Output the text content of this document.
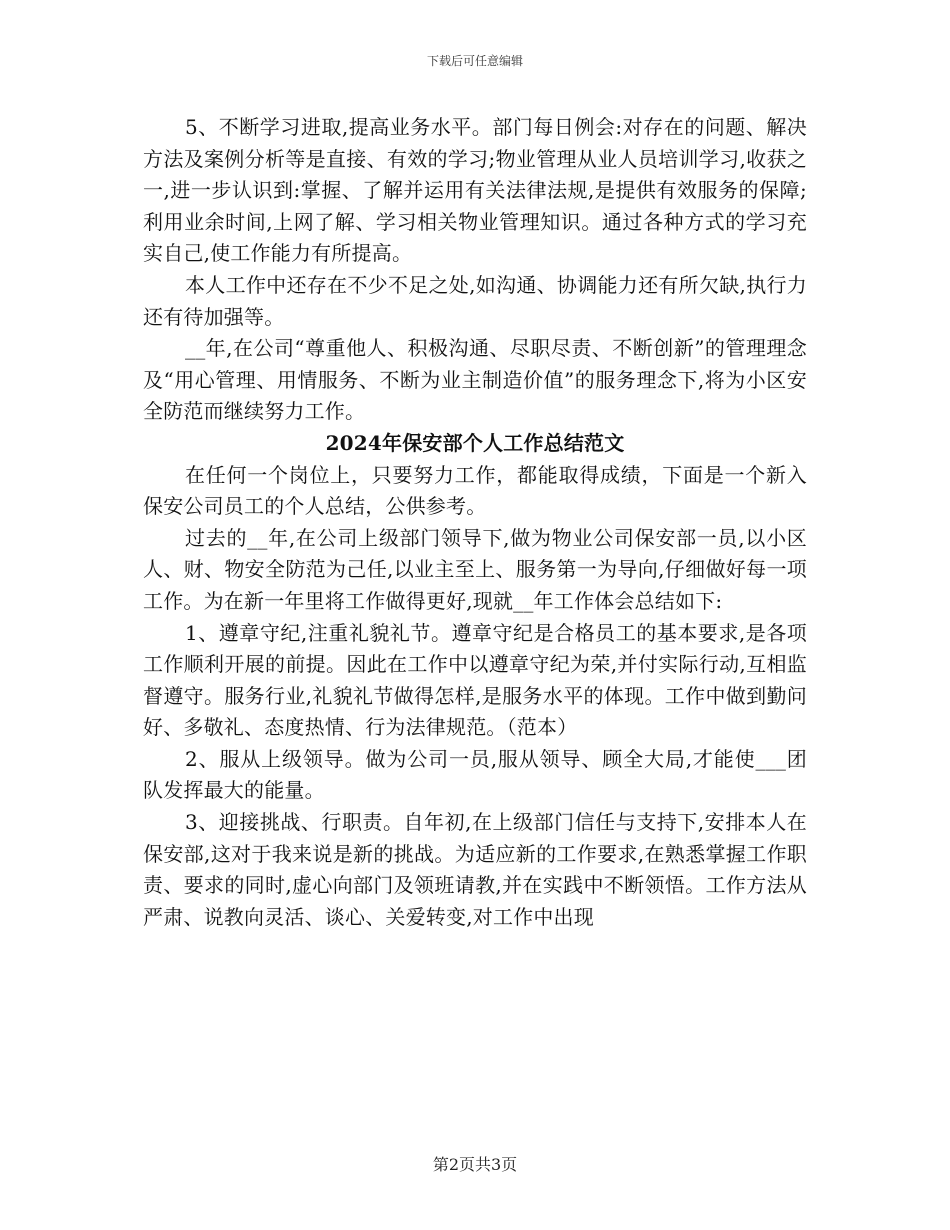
下载后可任意编辑

5、不断学习进取,提高业务水平。部门每日例会:对存在的问题、解决方法及案例分析等是直接、有效的学习;物业管理从业人员培训学习,收获之一,进一步认识到:掌握、了解并运用有关法律法规,是提供有效服务的保障;利用业余时间,上网了解、学习相关物业管理知识。通过各种方式的学习充实自己,使工作能力有所提高。

本人工作中还存在不少不足之处,如沟通、协调能力还有所欠缺,执行力还有待加强等。

__年,在公司“尊重他人、积极沟通、尽职尽责、不断创新”的管理理念及“用心管理、用情服务、不断为业主制造价值”的服务理念下,将为小区安全防范而继续努力工作。

2024年保安部个人工作总结范文

在任何一个岗位上，只要努力工作，都能取得成绩，下面是一个新入保安公司员工的个人总结，公供参考。

过去的__年,在公司上级部门领导下,做为物业公司保安部一员,以小区人、财、物安全防范为己任,以业主至上、服务第一为导向,仔细做好每一项工作。为在新一年里将工作做得更好,现就__年工作体会总结如下:

1、遵章守纪,注重礼貌礼节。遵章守纪是合格员工的基本要求,是各项工作顺利开展的前提。因此在工作中以遵章守纪为荣,并付实际行动,互相监督遵守。服务行业,礼貌礼节做得怎样,是服务水平的体现。工作中做到勤问好、多敬礼、态度热情、行为法律规范。（范本）

2、服从上级领导。做为公司一员,服从领导、顾全大局,才能使___团队发挥最大的能量。

3、迎接挑战、行职责。自年初,在上级部门信任与支持下,安排本人在保安部,这对于我来说是新的挑战。为适应新的工作要求,在熟悉掌握工作职责、要求的同时,虚心向部门及领班请教,并在实践中不断领悟。工作方法从严肃、说教向灵活、谈心、关爱转变,对工作中出现

第2页共3页
